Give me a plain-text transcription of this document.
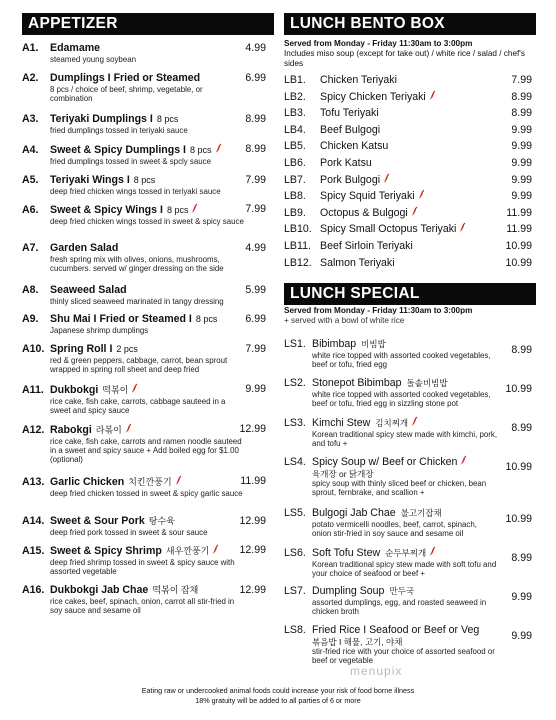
APPETIZER
A1.	Edamame	4.99
steamed young soybean
A2.	Dumplings I Fried or Steamed	6.99
8 pcs / choice of beef, shrimp, vegetable, or combination
A3.	Teriyaki Dumplings I 8 pcs	8.99
fried dumplings tossed in teriyaki sauce
A4.	Sweet & Spicy Dumplings I 8 pcs	8.99
fried dumplings tossed in sweet & spcly sauce
A5.	Teriyaki Wings I 8 pcs	7.99
deep fried chicken wings tossed in teriyaki sauce
A6.	Sweet & Spicy Wings I 8 pcs	7.99
deep fried chicken wings tossed in sweet & spicy sauce
A7.	Garden Salad	4.99
fresh spring mix with olives, onions, mushrooms, cucumbers. served w/ ginger dressing on the side
A8.	Seaweed Salad	5.99
thinly sliced seaweed marinated in tangy dressing
A9.	Shu Mai I Fried or Steamed I 8 pcs	6.99
Japanese shrimp dumplings
A10. Spring Roll I 2 pcs	7.99
red & green peppers, cabbage, carrot, bean sprout wrapped in spring roll sheet and deep fried
A11. Dukbokgi 떡볶이	9.99
rice cake, fish cake, carrots, cabbage sauteed in a sweet and spicy sauce
A12. Rabokgi 라볶이	12.99
rice cake, fish cake, carrots and ramen noodle sauteed in a sweet and spicy sauce + Add boiled egg for $1.00 (optional)
A13. Garlic Chicken 치킨깐풍기	11.99
deep fried chicken tossed in sweet & spicy garlic sauce
A14. Sweet & Sour Pork 탕수육	12.99
deep fried pork tossed in sweet & sour sauce
A15. Sweet & Spicy Shrimp 새우깐풍기	12.99
deep fried shrimp tossed in sweet & spicy sauce with assorted vegetable
A16. Dukbokgi Jab Chae 떡볶이 잡채	12.99
rice cakes, beef, spinach, onion, carrot all stir-fried in soy sauce and sesame oil
LUNCH BENTO BOX
Served from Monday - Friday 11:30am to 3:00pm
Includes miso soup (except for take out) / white rice / salad / chef's sides
LB1.	Chicken Teriyaki	7.99
LB2.	Spicy Chicken Teriyaki	8.99
LB3.	Tofu Teriyaki	8.99
LB4.	Beef Bulgogi	9.99
LB5.	Chicken Katsu	9.99
LB6.	Pork Katsu	9.99
LB7.	Pork Bulgogi	9.99
LB8.	Spicy Squid Teriyaki	9.99
LB9.	Octopus & Bulgogi	11.99
LB10. Spicy Small Octopus Teriyaki	11.99
LB11. Beef Sirloin Teriyaki	10.99
LB12. Salmon Teriyaki	10.99
LUNCH SPECIAL
Served from Monday - Friday 11:30am to 3:00pm
+ served with a bowl of white rice
LS1. Bibimbap 비빔밥	8.99
white rice topped with assorted cooked vegetables, beef or tofu, fried egg
LS2. Stonepot Bibimbap 돌솥비빔밥	10.99
white rice topped with assorted cooked vegetables, beef or tofu, fried egg in sizzling stone pot
LS3. Kimchi Stew 김치찌개	8.99
Korean traditional spicy stew made with kimchi, pork, and tofu +
LS4. Spicy Soup w/ Beef or Chicken	10.99
육개장 or 닭개장
spicy soup with thinly sliced beef or chicken, bean sprout, fernbrake, and scallion +
LS5. Bulgogi Jab Chae 불고기잡채	10.99
potato vermicelli noodles, beef, carrot, spinach, onion stir-fried in soy sauce and sesame oil
LS6. Soft Tofu Stew 순두부찌개	8.99
Korean traditional spicy stew made with soft tofu and your choice of seafood or beef +
LS7. Dumpling Soup 만두국	9.99
assorted dumplings, egg, and roasted seaweed in chicken broth
LS8. Fried Rice I Seafood or Beef or Veg	9.99
볶음밥 I 해물, 고기, 야채
stir-fried rice with your choice of assorted seafood or beef or vegetable
Eating raw or undercooked animal foods could increase your risk of food borne illness
18% gratuity will be added to all parties of 6 or more
menupix
